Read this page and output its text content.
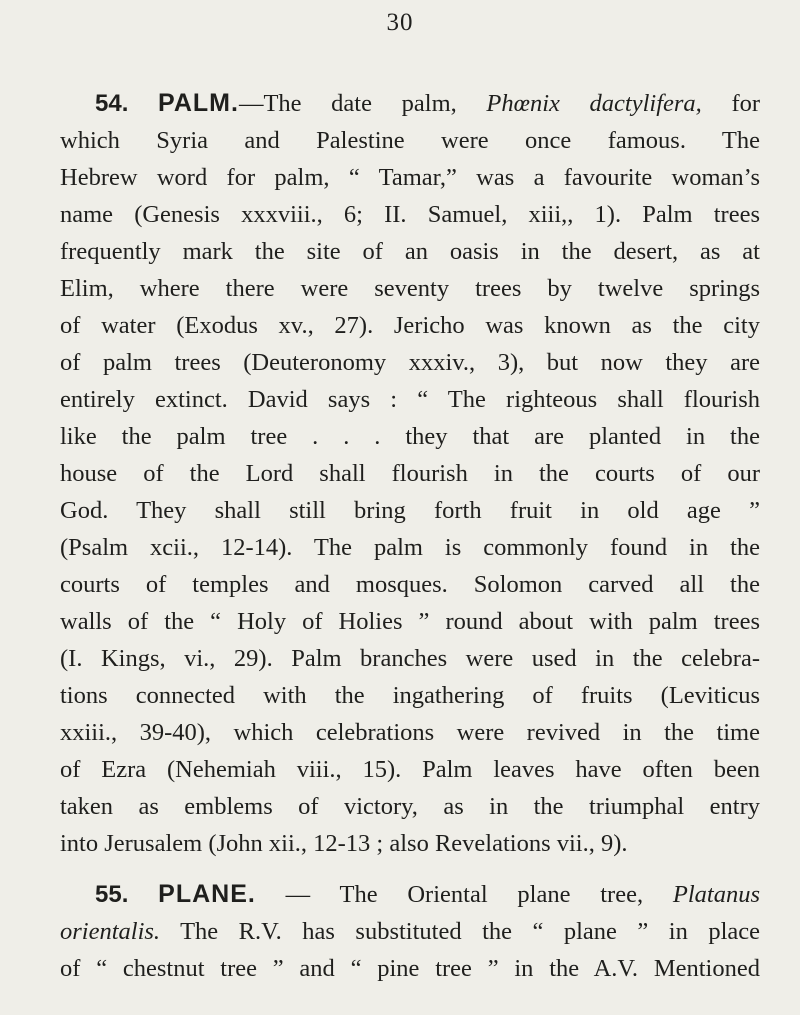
30
54. PALM.—The date palm, Phœnix dactylifera, for
which Syria and Palestine were once famous. The
Hebrew word for palm, “ Tamar,” was a favourite woman’s
name (Genesis xxxviii., 6; II. Samuel, xiii,, 1). Palm trees
frequently mark the site of an oasis in the desert, as at
Elim, where there were seventy trees by twelve springs
of water (Exodus xv., 27). Jericho was known as the city
of palm trees (Deuteronomy xxxiv., 3), but now they are
entirely extinct. David says : “ The righteous shall flourish
like the palm tree . . . they that are planted in the
house of the Lord shall flourish in the courts of our
God. They shall still bring forth fruit in old age ”
(Psalm xcii., 12-14). The palm is commonly found in the
courts of temples and mosques. Solomon carved all the
walls of the “ Holy of Holies ” round about with palm trees
(I. Kings, vi., 29). Palm branches were used in the celebra-
tions connected with the ingathering of fruits (Leviticus
xxiii., 39-40), which celebrations were revived in the time
of Ezra (Nehemiah viii., 15). Palm leaves have often been
taken as emblems of victory, as in the triumphal entry
into Jerusalem (John xii., 12-13 ; also Revelations vii., 9).
55. PLANE. — The Oriental plane tree, Platanus
orientalis. The R.V. has substituted the “ plane ” in place
of “ chestnut tree ” and “ pine tree ” in the A.V. Mentioned
